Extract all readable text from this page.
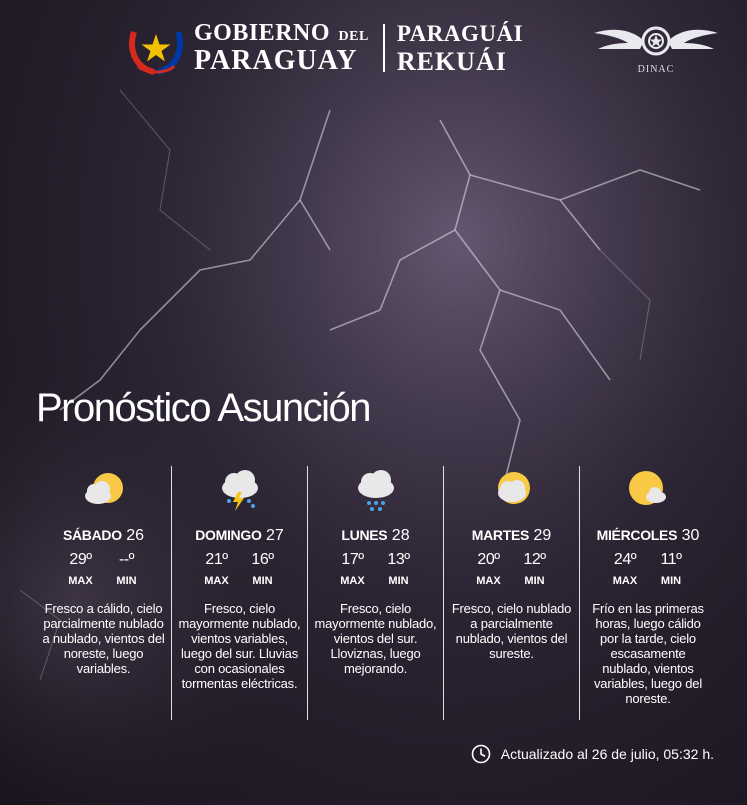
GOBIERNO DEL
PARAGUAY
PARAGUÁI
REKUÁI	DINAC
Pronóstico Asunción
SÁBADO 26
29º	--º
MAX MIN
Fresco a cálido, cielo parcialmente nublado a nublado, vientos del noreste, luego variables.
DOMINGO 27
21º 16º
MAX MIN
Fresco, cielo mayormente nublado, vientos variables, luego del sur. Lluvias con ocasionales tormentas eléctricas.
LUNES 28
17º 13º
MAX MIN
Fresco, cielo mayormente nublado, vientos del sur. Lloviznas, luego mejorando.
MARTES 29
20º 12º
MAX MIN
Fresco, cielo nublado a parcialmente nublado, vientos del sureste.
MIÉRCOLES 30
24º 11º
MAX MIN
Frío en las primeras horas, luego cálido por la tarde, cielo escasamente nublado, vientos variables, luego del noreste.
Actualizado al 26 de julio, 05:32 h.
